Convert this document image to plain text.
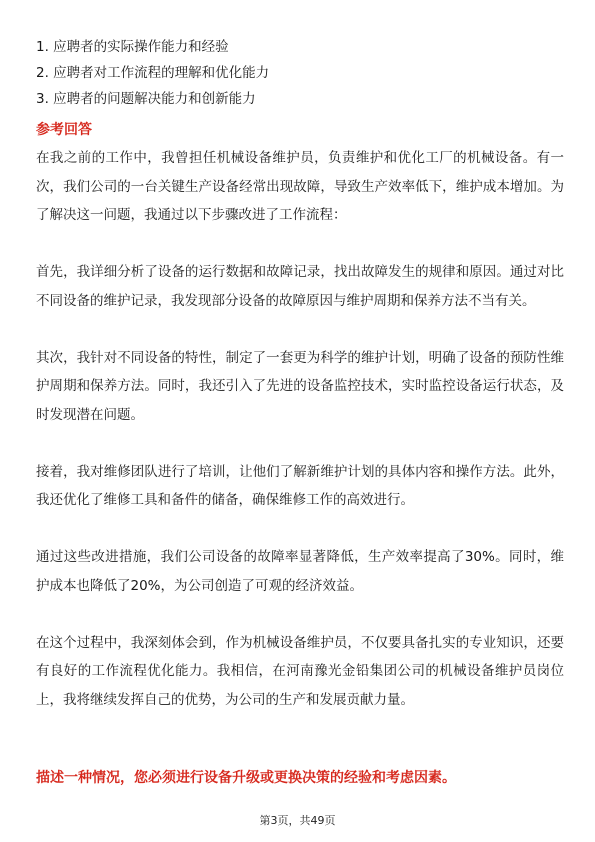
1. 应聘者的实际操作能力和经验
2. 应聘者对工作流程的理解和优化能力
3. 应聘者的问题解决能力和创新能力
参考回答

在我之前的工作中，我曾担任机械设备维护员，负责维护和优化工厂的机械设备。有一次，我们公司的一台关键生产设备经常出现故障，导致生产效率低下，维护成本增加。为了解决这一问题，我通过以下步骤改进了工作流程：

首先，我详细分析了设备的运行数据和故障记录，找出故障发生的规律和原因。通过对比不同设备的维护记录，我发现部分设备的故障原因与维护周期和保养方法不当有关。

其次，我针对不同设备的特性，制定了一套更为科学的维护计划，明确了设备的预防性维护周期和保养方法。同时，我还引入了先进的设备监控技术，实时监控设备运行状态，及时发现潜在问题。

接着，我对维修团队进行了培训，让他们了解新维护计划的具体内容和操作方法。此外，我还优化了维修工具和备件的储备，确保维修工作的高效进行。

通过这些改进措施，我们公司设备的故障率显著降低，生产效率提高了30%。同时，维护成本也降低了20%，为公司创造了可观的经济效益。

在这个过程中，我深刻体会到，作为机械设备维护员，不仅要具备扎实的专业知识，还要有良好的工作流程优化能力。我相信，在河南豫光金铅集团公司的机械设备维护员岗位上，我将继续发挥自己的优势，为公司的生产和发展贡献力量。

描述一种情况，您必须进行设备升级或更换决策的经验和考虑因素。
第3页，共49页
